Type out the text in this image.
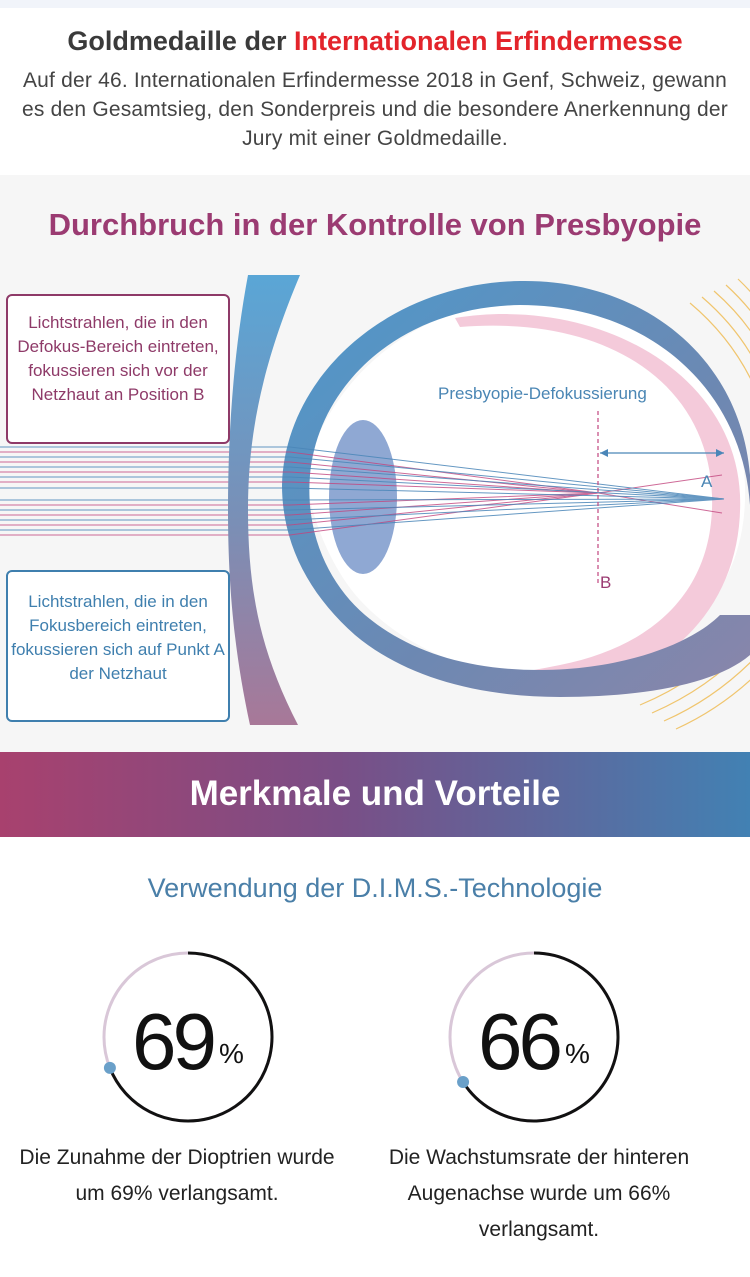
Goldmedaille der Internationalen Erfindermesse
Auf der 46. Internationalen Erfindermesse 2018 in Genf, Schweiz, gewann es den Gesamtsieg, den Sonderpreis und die besondere Anerkennung der Jury mit einer Goldmedaille.
Durchbruch in der Kontrolle von Presbyopie
Lichtstrahlen, die in den Defokus-Bereich eintreten, fokussieren sich vor der Netzhaut an Position B
Lichtstrahlen, die in den Fokusbereich eintreten, fokussieren sich auf Punkt A der Netzhaut
Presbyopie-Defokussierung
A
B
Merkmale und Vorteile
Verwendung der D.I.M.S.-Technologie
69 %
Die Zunahme der Dioptrien wurde um 69% verlangsamt.
66 %
Die Wachstumsrate der hinteren Augenachse wurde um 66% verlangsamt.
